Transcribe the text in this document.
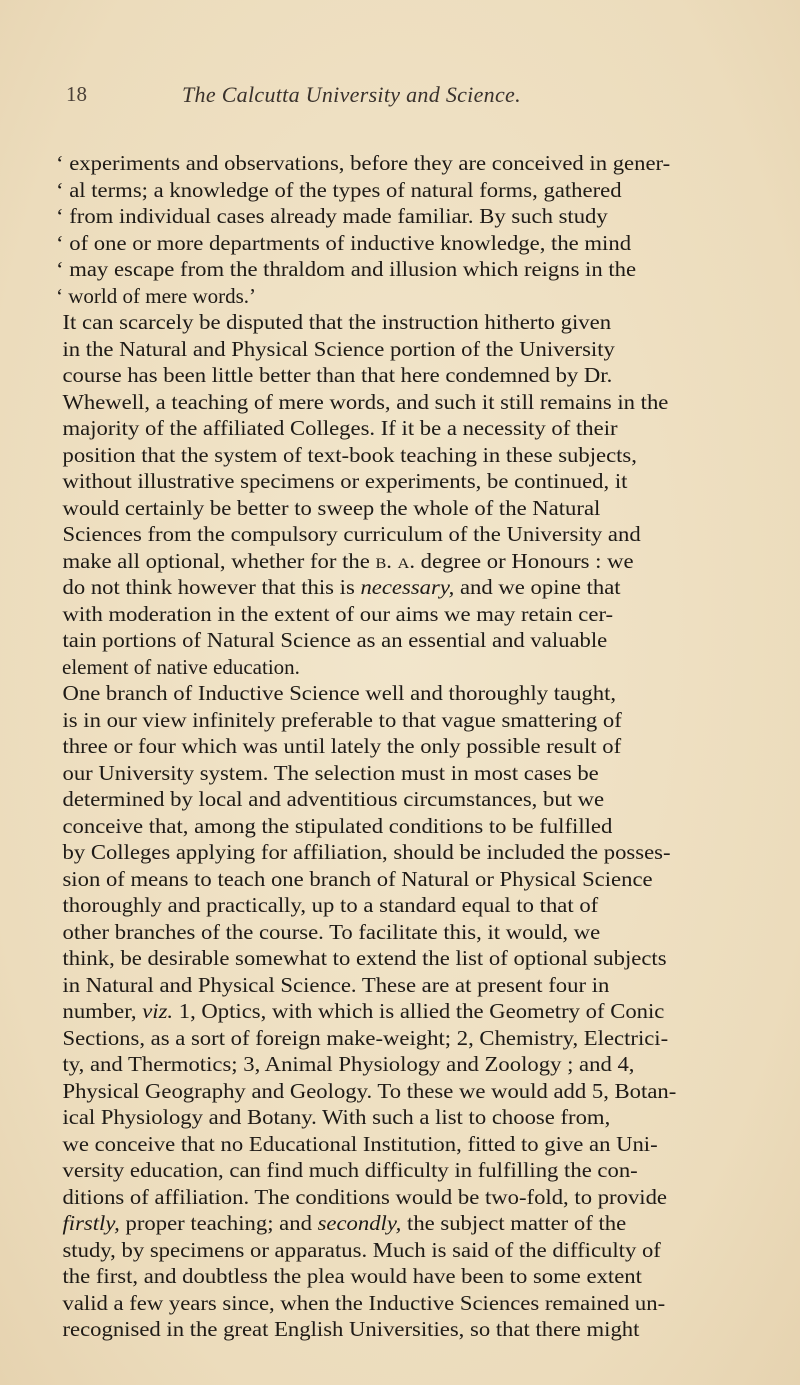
18	The Calcutta University and Science.
‘ experiments and observations, before they are conceived in gener-
‘ al terms; a knowledge of the types of natural forms, gathered
‘ from individual cases already made familiar. By such study
‘ of one or more departments of inductive knowledge, the mind
‘ may escape from the thraldom and illusion which reigns in the
‘ world of mere words.’
It can scarcely be disputed that the instruction hitherto given
in the Natural and Physical Science portion of the University
course has been little better than that here condemned by Dr.
Whewell, a teaching of mere words, and such it still remains in the
majority of the affiliated Colleges. If it be a necessity of their
position that the system of text-book teaching in these subjects,
without illustrative specimens or experiments, be continued, it
would certainly be better to sweep the whole of the Natural
Sciences from the compulsory curriculum of the University and
make all optional, whether for the b. a. degree or Honours : we
do not think however that this is necessary, and we opine that
with moderation in the extent of our aims we may retain cer-
tain portions of Natural Science as an essential and valuable
element of native education.
One branch of Inductive Science well and thoroughly taught,
is in our view infinitely preferable to that vague smattering of
three or four which was until lately the only possible result of
our University system. The selection must in most cases be
determined by local and adventitious circumstances, but we
conceive that, among the stipulated conditions to be fulfilled
by Colleges applying for affiliation, should be included the posses-
sion of means to teach one branch of Natural or Physical Science
thoroughly and practically, up to a standard equal to that of
other branches of the course. To facilitate this, it would, we
think, be desirable somewhat to extend the list of optional subjects
in Natural and Physical Science. These are at present four in
number, viz. 1, Optics, with which is allied the Geometry of Conic
Sections, as a sort of foreign make-weight; 2, Chemistry, Electrici-
ty, and Thermotics; 3, Animal Physiology and Zoology ; and 4,
Physical Geography and Geology. To these we would add 5, Botan-
ical Physiology and Botany. With such a list to choose from,
we conceive that no Educational Institution, fitted to give an Uni-
versity education, can find much difficulty in fulfilling the con-
ditions of affiliation. The conditions would be two-fold, to provide
firstly, proper teaching; and secondly, the subject matter of the
study, by specimens or apparatus. Much is said of the difficulty of
the first, and doubtless the plea would have been to some extent
valid a few years since, when the Inductive Sciences remained un-
recognised in the great English Universities, so that there might
